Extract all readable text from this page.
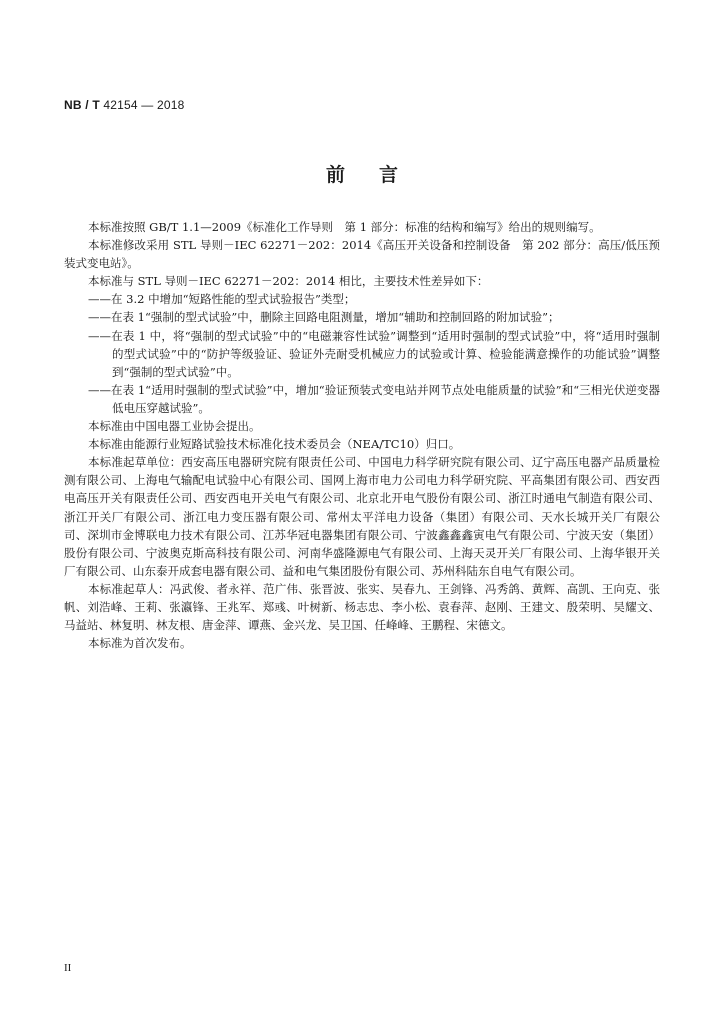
NB / T 42154 — 2018
前言

本标准按照 GB/T 1.1—2009《标准化工作导则　第 1 部分：标准的结构和编写》给出的规则编写。

本标准修改采用 STL 导则－IEC 62271－202：2014《高压开关设备和控制设备　第 202 部分：高压/低压预装式变电站》。

本标准与 STL 导则－IEC 62271－202：2014 相比，主要技术性差异如下：

——在 3.2 中增加“短路性能的型式试验报告”类型；

——在表 1“强制的型式试验”中，删除主回路电阻测量，增加“辅助和控制回路的附加试验”；

——在表 1 中，将“强制的型式试验”中的“电磁兼容性试验”调整到“适用时强制的型式试验”中，将“适用时强制的型式试验”中的“防护等级验证、验证外壳耐受机械应力的试验或计算、检验能满意操作的功能试验”调整到“强制的型式试验”中。

——在表 1“适用时强制的型式试验”中，增加“验证预装式变电站并网节点处电能质量的试验”和“三相光伏逆变器低电压穿越试验”。

本标准由中国电器工业协会提出。

本标准由能源行业短路试验技术标准化技术委员会（NEA/TC10）归口。

本标准起草单位：西安高压电器研究院有限责任公司、中国电力科学研究院有限公司、辽宁高压电器产品质量检测有限公司、上海电气输配电试验中心有限公司、国网上海市电力公司电力科学研究院、平高集团有限公司、西安西电高压开关有限责任公司、西安西电开关电气有限公司、北京北开电气股份有限公司、浙江时通电气制造有限公司、浙江开关厂有限公司、浙江电力变压器有限公司、常州太平洋电力设备（集团）有限公司、天水长城开关厂有限公司、深圳市金博联电力技术有限公司、江苏华冠电器集团有限公司、宁波鑫鑫鑫寅电气有限公司、宁波天安（集团）股份有限公司、宁波奥克斯高科技有限公司、河南华盛隆源电气有限公司、上海天灵开关厂有限公司、上海华银开关厂有限公司、山东泰开成套电器有限公司、益和电气集团股份有限公司、苏州科陆东自电气有限公司。

本标准起草人：冯武俊、者永祥、范广伟、张晋波、张实、吴春九、王剑锋、冯秀鸽、黄辉、高凯、王向克、张帆、刘浩峰、王莉、张瀛锋、王兆军、郑彧、叶树新、杨志忠、李小松、袁春萍、赵刚、王建文、殷荣明、吴耀文、马益站、林复明、林友根、唐金萍、谭燕、金兴龙、吴卫国、任峰峰、王鹏程、宋德文。

本标准为首次发布。

II
